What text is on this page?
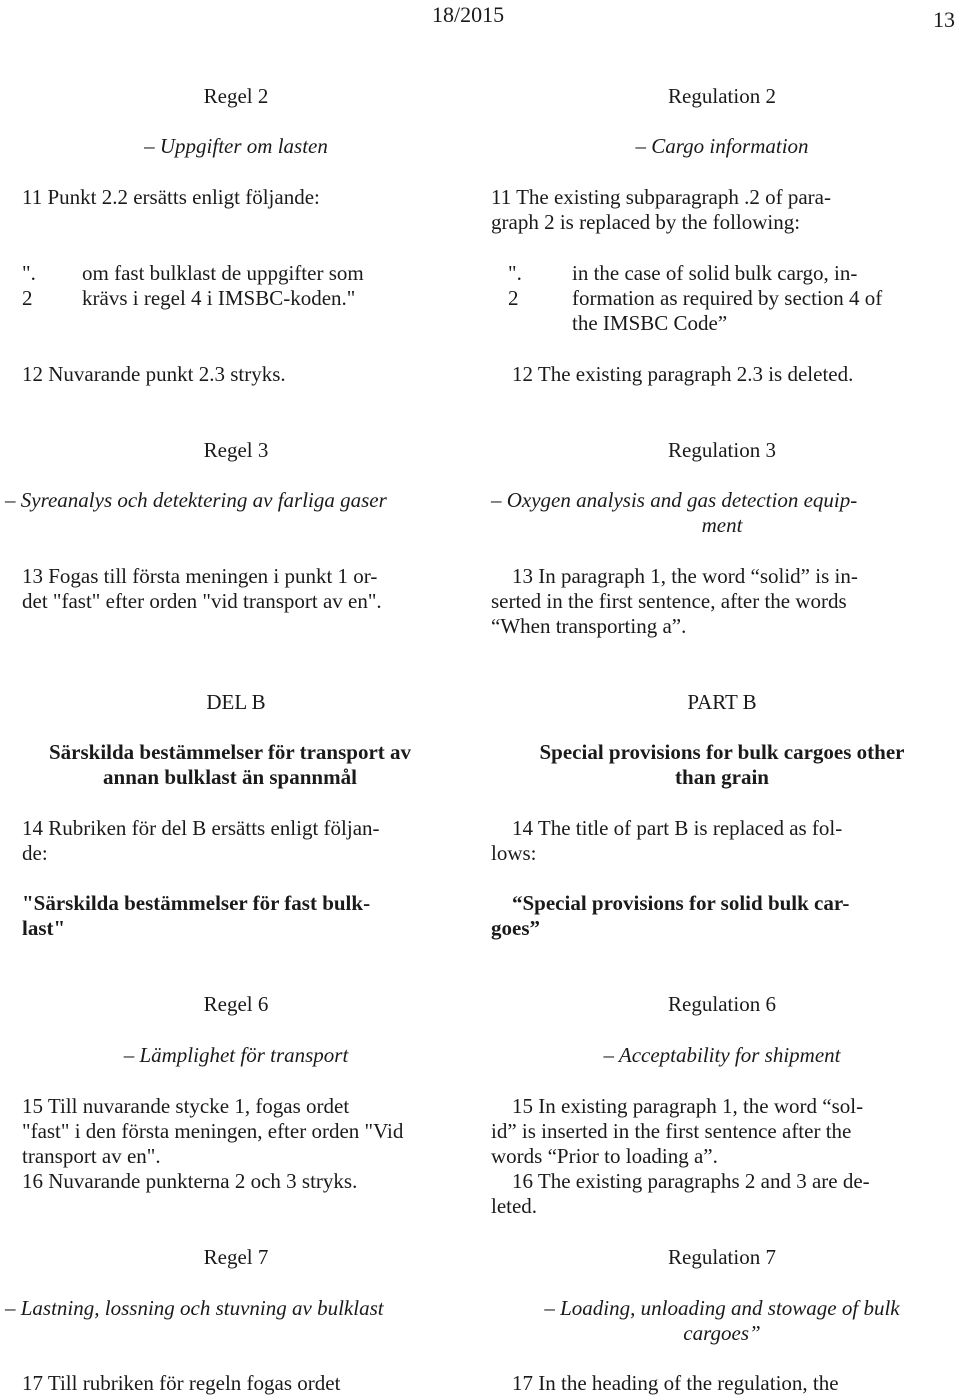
18/2015	13
Regel 2
– Uppgifter om lasten
11 Punkt 2.2 ersätts enligt följande:
".
2
om fast bulklast de uppgifter som
krävs i regel 4 i IMSBC-koden."
12 Nuvarande punkt 2.3 stryks.
Regel 3
– Syreanalys och detektering av farliga gaser
13 Fogas till första meningen i punkt 1 or-
det "fast" efter orden "vid transport av en".
DEL B
Särskilda bestämmelser för transport av
annan bulklast än spannmål
14 Rubriken för del B ersätts enligt följan-
de:
"Särskilda bestämmelser för fast bulk-
last"
Regel 6
– Lämplighet för transport
15 Till nuvarande stycke 1, fogas ordet
"fast" i den första meningen, efter orden "Vid
transport av en".
16 Nuvarande punkterna 2 och 3 stryks.
Regel 7
– Lastning, lossning och stuvning av bulklast
17 Till rubriken för regeln fogas ordet
Regulation 2
– Cargo information
11 The existing subparagraph .2 of para-
graph 2 is replaced by the following:
".
2
in the case of solid bulk cargo, in-
formation as required by section 4 of
the IMSBC Code”
12 The existing paragraph 2.3 is deleted.
Regulation 3
– Oxygen analysis and gas detection equip-
ment
13 In paragraph 1, the word “solid” is in-
serted in the first sentence, after the words
“When transporting a”.
PART B
Special provisions for bulk cargoes other
than grain
14 The title of part B is replaced as fol-
lows:
“Special provisions for solid bulk car-
goes”
Regulation 6
– Acceptability for shipment
15 In existing paragraph 1, the word “sol-
id” is inserted in the first sentence after the
words “Prior to loading a”.
16 The existing paragraphs 2 and 3 are de-
leted.
Regulation 7
– Loading, unloading and stowage of bulk
cargoes”
17 In the heading of the regulation, the
